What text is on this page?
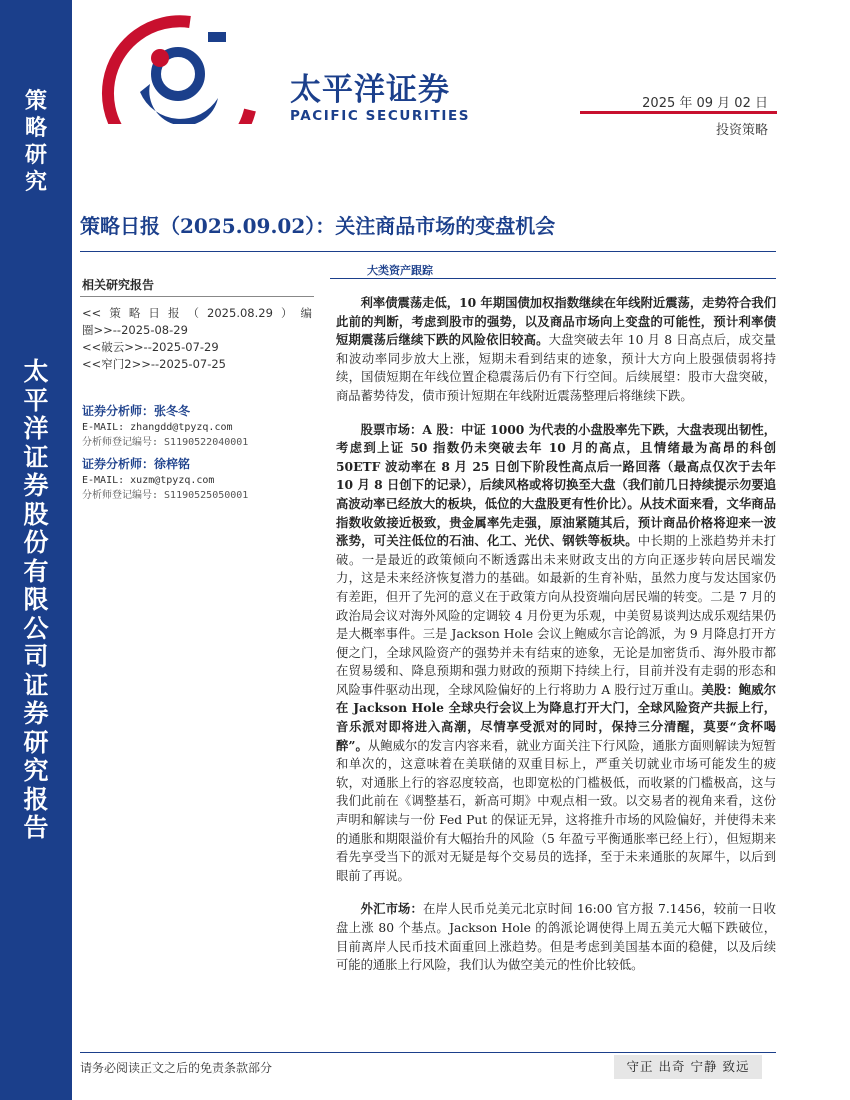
策
略
研
究
太
平
洋
证
券
股
份
有
限
公
司
证
券
研
究
报
告
太平洋证券
PACIFIC SECURITIES
2025 年 09 月 02 日
投资策略
策略日报（2025.09.02）：关注商品市场的变盘机会
相关研究报告
<<策略日报（2025.08.29）编
圈>>--2025-08-29
<<破云>>--2025-07-29
<<窄门2>>--2025-07-25
证券分析师：张冬冬
E-MAIL: zhangdd@tpyzq.com
分析师登记编号: S1190522040001
证券分析师：徐梓铭
E-MAIL: xuzm@tpyzq.com
分析师登记编号: S1190525050001
大类资产跟踪

利率债震荡走低，10 年期国债加权指数继续在年线附近震荡，走势符合我们此前的判断，考虑到股市的强势，以及商品市场向上变盘的可能性，预计利率债短期震荡后继续下跌的风险依旧较高。大盘突破去年 10 月 8 日高点后，成交量和波动率同步放大上涨，短期未看到结束的迹象，预计大方向上股强债弱将持续，国债短期在年线位置企稳震荡后仍有下行空间。后续展望：股市大盘突破，商品蓄势待发，债市预计短期在年线附近震荡整理后将继续下跌。

股票市场：A 股：中证 1000 为代表的小盘股率先下跌，大盘表现出韧性，考虑到上证 50 指数仍未突破去年 10 月的高点，且情绪最为高昂的科创 50ETF 波动率在 8 月 25 日创下阶段性高点后一路回落（最高点仅次于去年 10 月 8 日创下的记录），后续风格或将切换至大盘（我们前几日持续提示勿要追高波动率已经放大的板块，低位的大盘股更有性价比）。从技术面来看，文华商品指数收敛接近极致，贵金属率先走强，原油紧随其后，预计商品价格将迎来一波涨势，可关注低位的石油、化工、光伏、钢铁等板块。中长期的上涨趋势并未打破。一是最近的政策倾向不断透露出未来财政支出的方向正逐步转向居民端发力，这是未来经济恢复潜力的基础。如最新的生育补贴，虽然力度与发达国家仍有差距，但开了先河的意义在于政策方向从投资端向居民端的转变。二是 7 月的政治局会议对海外风险的定调较 4 月份更为乐观，中美贸易谈判达成乐观结果仍是大概率事件。三是 Jackson Hole 会议上鲍威尔言论鸽派，为 9 月降息打开方便之门，全球风险资产的强势并未有结束的迹象，无论是加密货币、海外股市都在贸易缓和、降息预期和强力财政的预期下持续上行，目前并没有走弱的形态和风险事件驱动出现，全球风险偏好的上行将助力 A 股行过万重山。美股：鲍威尔在 Jackson Hole 全球央行会议上为降息打开大门，全球风险资产共振上行，音乐派对即将进入高潮，尽情享受派对的同时，保持三分清醒，莫要“贪杯喝醉”。从鲍威尔的发言内容来看，就业方面关注下行风险，通胀方面则解读为短暂和单次的，这意味着在美联储的双重目标上，严重关切就业市场可能发生的疲软，对通胀上行的容忍度较高，也即宽松的门槛极低，而收紧的门槛极高，这与我们此前在《调整基石，新高可期》中观点相一致。以交易者的视角来看，这份声明和解读与一份 Fed Put 的保证无异，这将推升市场的风险偏好，并使得未来的通胀和期限溢价有大幅抬升的风险（5 年盈亏平衡通胀率已经上行），但短期来看先享受当下的派对无疑是每个交易员的选择，至于未来通胀的灰犀牛，以后到眼前了再说。

外汇市场：在岸人民币兑美元北京时间 16:00 官方报 7.1456，较前一日收盘上涨 80 个基点。Jackson Hole 的鸽派论调使得上周五美元大幅下跌破位，目前离岸人民币技术面重回上涨趋势。但是考虑到美国基本面的稳健，以及后续可能的通胀上行风险，我们认为做空美元的性价比较低。

请务必阅读正文之后的免责条款部分	守正 出奇 宁静 致远
